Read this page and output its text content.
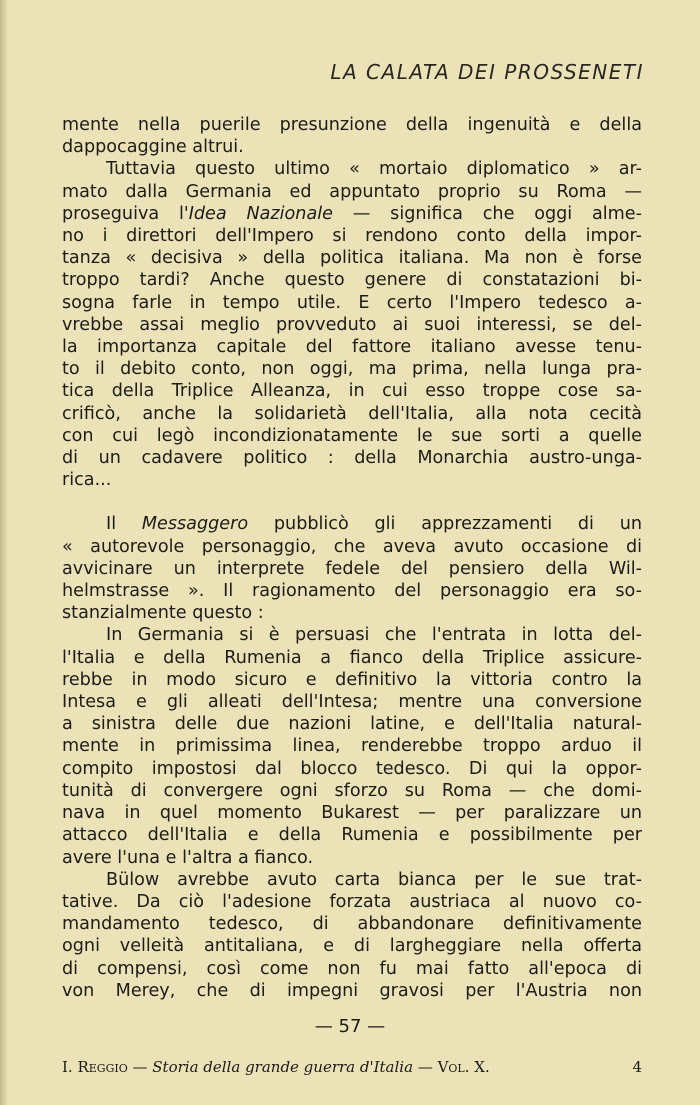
LA CALATA DEI PROSSENETI

mente nella puerile presunzione della ingenuità e della
dappocaggine altrui.

Tuttavia questo ultimo « mortaio diplomatico » ar-
mato dalla Germania ed appuntato proprio su Roma —
proseguiva l'Idea Nazionale — significa che oggi alme-
no i direttori dell'Impero si rendono conto della impor-
tanza « decisiva » della politica italiana. Ma non è forse
troppo tardi? Anche questo genere di constatazioni bi-
sogna farle in tempo utile. E certo l'Impero tedesco a-
vrebbe assai meglio provveduto ai suoi interessi, se del-
la importanza capitale del fattore italiano avesse tenu-
to il debito conto, non oggi, ma prima, nella lunga pra-
tica della Triplice Alleanza, in cui esso troppe cose sa-
crificò, anche la solidarietà dell'Italia, alla nota cecità
con cui legò incondizionatamente le sue sorti a quelle
di un cadavere politico : della Monarchia austro-unga-
rica...

Il Messaggero pubblicò gli apprezzamenti di un
« autorevole personaggio, che aveva avuto occasione di
avvicinare un interprete fedele del pensiero della Wil-
helmstrasse ». Il ragionamento del personaggio era so-
stanzialmente questo :

In Germania si è persuasi che l'entrata in lotta del-
l'Italia e della Rumenia a fianco della Triplice assicure-
rebbe in modo sicuro e definitivo la vittoria contro la
Intesa e gli alleati dell'Intesa; mentre una conversione
a sinistra delle due nazioni latine, e dell'Italia natural-
mente in primissima linea, renderebbe troppo arduo il
compito impostosi dal blocco tedesco. Di qui la oppor-
tunità di convergere ogni sforzo su Roma — che domi-
nava in quel momento Bukarest — per paralizzare un
attacco dell'Italia e della Rumenia e possibilmente per
avere l'una e l'altra a fianco.

Bülow avrebbe avuto carta bianca per le sue trat-
tative. Da ciò l'adesione forzata austriaca al nuovo co-
mandamento tedesco, di abbandonare definitivamente
ogni velleità antitaliana, e di largheggiare nella offerta
di compensi, così come non fu mai fatto all'epoca di
von Merey, che di impegni gravosi per l'Austria non

— 57 —
I. Reggio — Storia della grande guerra d'Italia — Vol. X.	4
